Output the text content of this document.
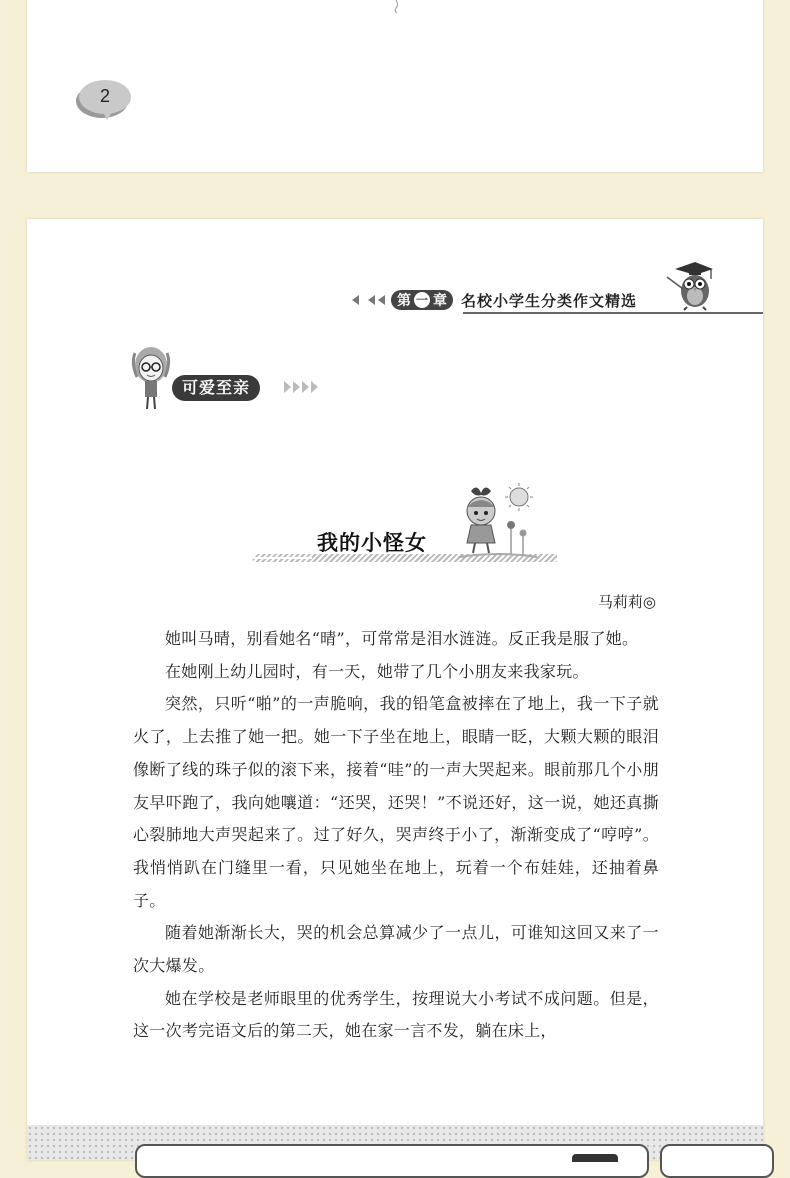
2
第 一 章 名校小学生分类作文精选
可爱至亲
我的小怪女
马莉莉◎

她叫马晴，别看她名“晴”，可常常是泪水涟涟。反正我是服了她。

在她刚上幼儿园时，有一天，她带了几个小朋友来我家玩。

突然，只听“啪”的一声脆响，我的铅笔盒被摔在了地上，我一下子就火了，上去推了她一把。她一下子坐在地上，眼睛一眨，大颗大颗的眼泪像断了线的珠子似的滚下来，接着“哇”的一声大哭起来。眼前那几个小朋友早吓跑了，我向她嚷道：“还哭，还哭！”不说还好，这一说，她还真撕心裂肺地大声哭起来了。过了好久，哭声终于小了，渐渐变成了“哼哼”。我悄悄趴在门缝里一看，只见她坐在地上，玩着一个布娃娃，还抽着鼻子。

随着她渐渐长大，哭的机会总算减少了一点儿，可谁知这回又来了一次大爆发。

她在学校是老师眼里的优秀学生，按理说大小考试不成问题。但是，这一次考完语文后的第二天，她在家一言不发，躺在床上，
